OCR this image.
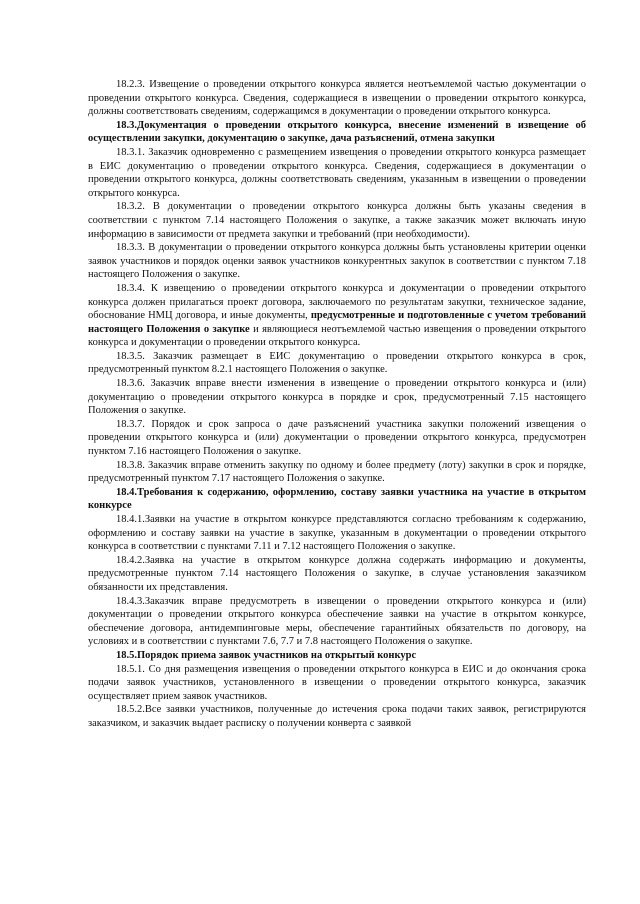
18.2.3. Извещение о проведении открытого конкурса является неотъемлемой частью документации о проведении открытого конкурса. Сведения, содержащиеся в извещении о проведении открытого конкурса, должны соответствовать сведениям, содержащимся в документации о проведении открытого конкурса.

18.3.Документация о проведении открытого конкурса, внесение изменений в извещение об осуществлении закупки, документацию о закупке, дача разъяснений, отмена закупки

18.3.1. Заказчик одновременно с размещением извещения о проведении открытого конкурса размещает в ЕИС документацию о проведении открытого конкурса. Сведения, содержащиеся в документации о проведении открытого конкурса, должны соответствовать сведениям, указанным в извещении о проведении открытого конкурса.

18.3.2. В документации о проведении открытого конкурса должны быть указаны сведения в соответствии с пунктом 7.14 настоящего Положения о закупке, а также заказчик может включать иную информацию в зависимости от предмета закупки и требований (при необходимости).

18.3.3. В документации о проведении открытого конкурса должны быть установлены критерии оценки заявок участников и порядок оценки заявок участников конкурентных закупок в соответствии с пунктом 7.18 настоящего Положения о закупке.

18.3.4. К извещению о проведении открытого конкурса и документации о проведении открытого конкурса должен прилагаться проект договора, заключаемого по результатам закупки, техническое задание, обоснование НМЦ договора, и иные документы, предусмотренные и подготовленные с учетом требований настоящего Положения о закупке и являющиеся неотъемлемой частью извещения о проведении открытого конкурса и документации о проведении открытого конкурса.

18.3.5. Заказчик размещает в ЕИС документацию о проведении открытого конкурса в срок, предусмотренный пунктом 8.2.1 настоящего Положения о закупке.

18.3.6. Заказчик вправе внести изменения в извещение о проведении открытого конкурса и (или) документацию о проведении открытого конкурса в порядке и срок, предусмотренный 7.15 настоящего Положения о закупке.

18.3.7. Порядок и срок запроса о даче разъяснений участника закупки положений извещения о проведении открытого конкурса и (или) документации о проведении открытого конкурса, предусмотрен пунктом 7.16 настоящего Положения о закупке.

18.3.8. Заказчик вправе отменить закупку по одному и более предмету (лоту) закупки в срок и порядке, предусмотренный пунктом 7.17 настоящего Положения о закупке.

18.4.Требования к содержанию, оформлению, составу заявки участника на участие в открытом конкурсе

18.4.1.Заявки на участие в открытом конкурсе представляются согласно требованиям к содержанию, оформлению и составу заявки на участие в закупке, указанным в документации о проведении открытого конкурса в соответствии с пунктами 7.11 и 7.12 настоящего Положения о закупке.

18.4.2.Заявка на участие в открытом конкурсе должна содержать информацию и документы, предусмотренные пунктом 7.14 настоящего Положения о закупке, в случае установления заказчиком обязанности их представления.

18.4.3.Заказчик вправе предусмотреть в извещении о проведении открытого конкурса и (или) документации о проведении открытого конкурса обеспечение заявки на участие в открытом конкурсе, обеспечение договора, антидемпинговые меры, обеспечение гарантийных обязательств по договору, на условиях и в соответствии с пунктами 7.6, 7.7 и 7.8 настоящего Положения о закупке.

18.5.Порядок приема заявок участников на открытый конкурс

18.5.1. Со дня размещения извещения о проведении открытого конкурса в ЕИС и до окончания срока подачи заявок участников, установленного в извещении о проведении открытого конкурса, заказчик осуществляет прием заявок участников.

18.5.2.Все заявки участников, полученные до истечения срока подачи таких заявок, регистрируются заказчиком, и заказчик выдает расписку о получении конверта с заявкой
